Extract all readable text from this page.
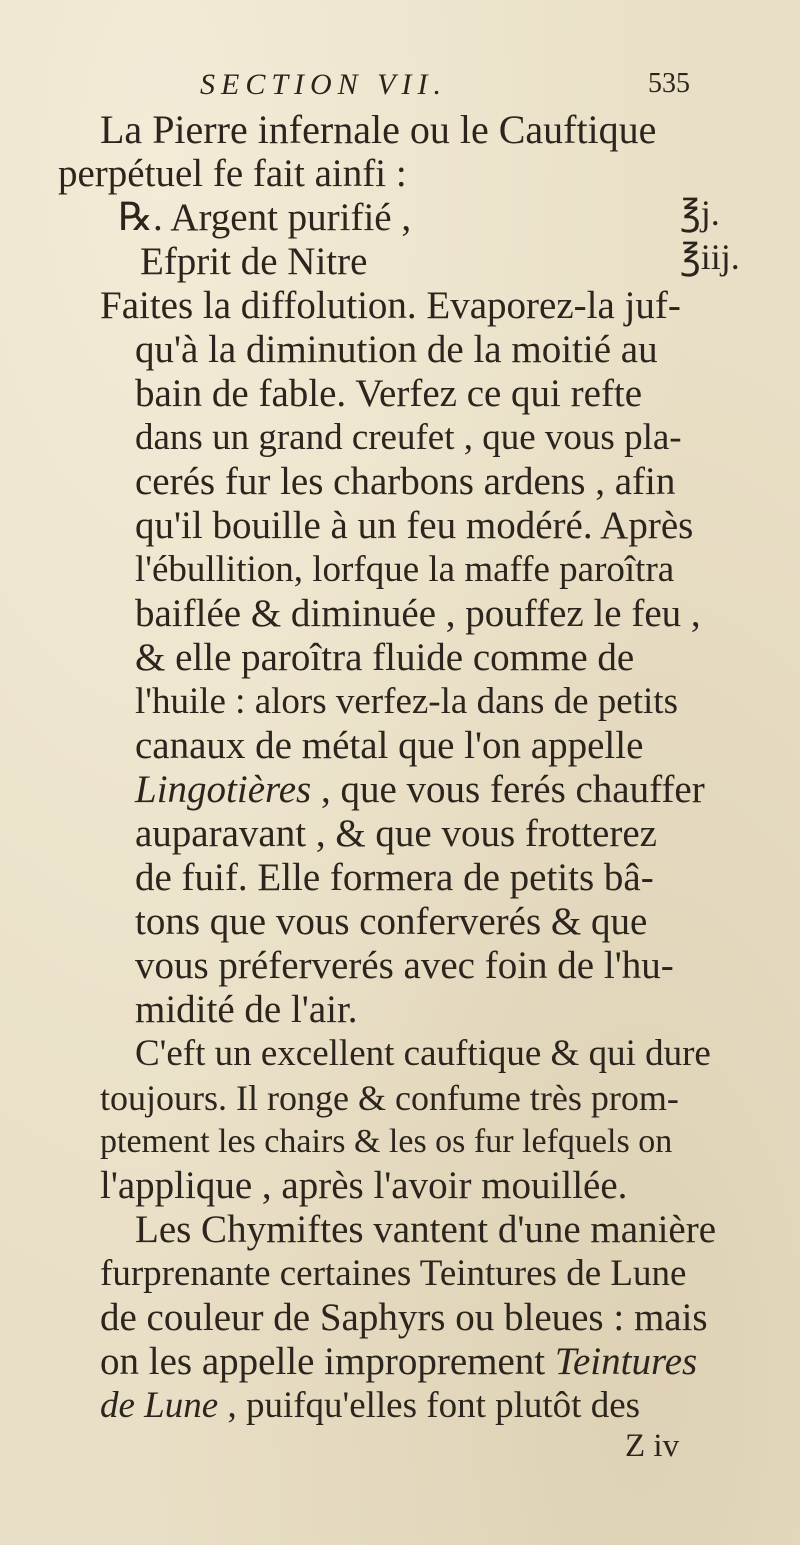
SECTION VII.	535
La Pierre infernale ou le Cauftique
perpétuel fe fait ainfi :
℞. Argent purifié ,
Efprit de Nitre
Faites la diffolution. Evaporez-la juf-
qu'à la diminution de la moitié au
bain de fable. Verfez ce qui refte
dans un grand creufet , que vous pla-
cerés fur les charbons ardens , afin
qu'il bouille à un feu modéré. Après
l'ébullition, lorfque la maffe paroîtra
baiflée & diminuée , pouffez le feu ,
& elle paroîtra fluide comme de
l'huile : alors verfez-la dans de petits
canaux de métal que l'on appelle
Lingotières , que vous ferés chauffer
auparavant , & que vous frotterez
de fuif. Elle formera de petits bâ-
tons que vous conferverés & que
vous préferverés avec foin de l'hu-
midité de l'air.
C'eft un excellent cauftique & qui dure
toujours. Il ronge & confume très prom-
ptement les chairs & les os fur lefquels on
l'applique , après l'avoir mouillée.
Les Chymiftes vantent d'une manière
furprenante certaines Teintures de Lune
de couleur de Saphyrs ou bleues : mais
on les appelle improprement Teintures
de Lune , puifqu'elles font plutôt des
℥j.
℥iij.
Z iv
